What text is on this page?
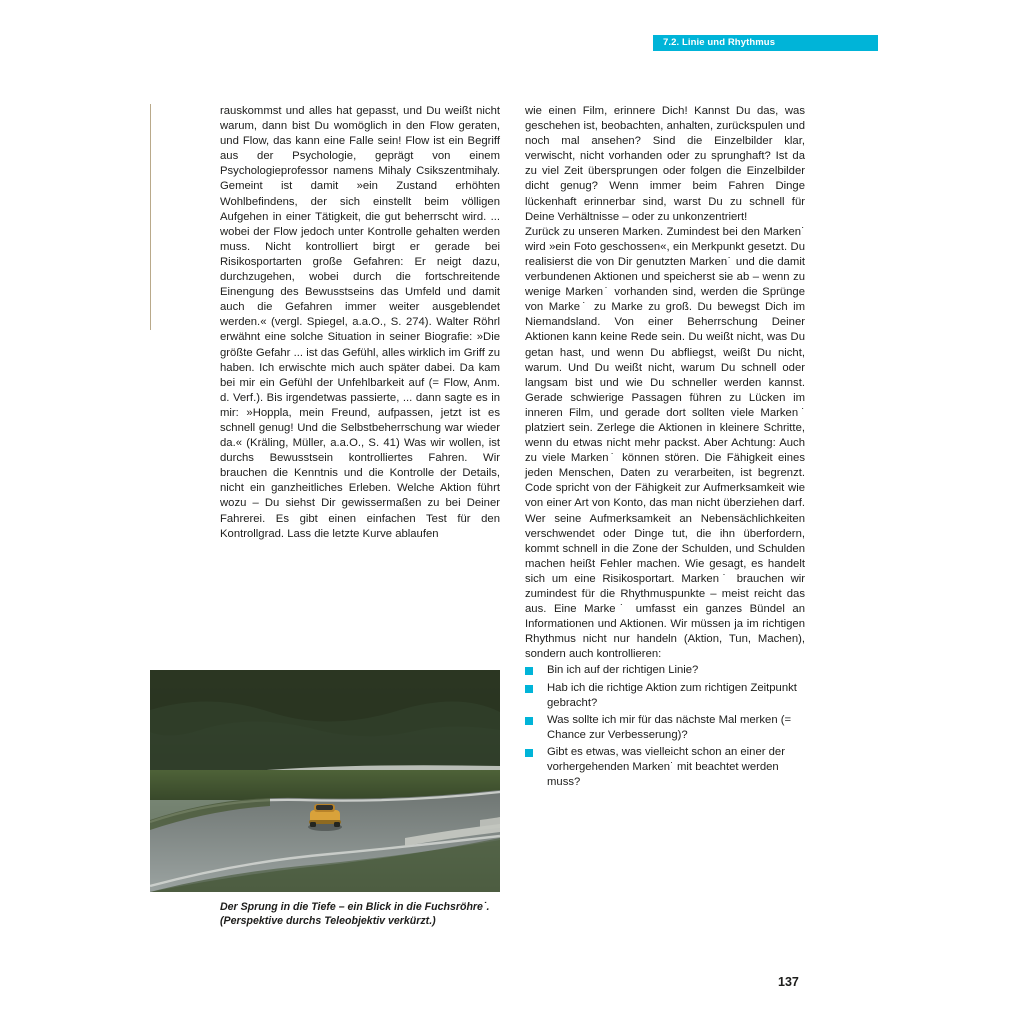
7.2. Linie und Rhythmus

rauskommst und alles hat gepasst, und Du weißt nicht warum, dann bist Du womöglich in den Flow geraten, und Flow, das kann eine Falle sein! Flow ist ein Begriff aus der Psychologie, geprägt von einem Psychologieprofessor namens Mihaly Csikszentmihaly. Gemeint ist damit »ein Zustand erhöhten Wohlbefindens, der sich einstellt beim völligen Aufgehen in einer Tätigkeit, die gut beherrscht wird. ... wobei der Flow jedoch unter Kontrolle gehalten werden muss. Nicht kontrolliert birgt er gerade bei Risikosportarten große Gefahren: Er neigt dazu, durchzugehen, wobei durch die fortschreitende Einengung des Bewusstseins das Umfeld und damit auch die Gefahren immer weiter ausgeblendet werden.« (vergl. Spiegel, a.a.O., S. 274). Walter Röhrl erwähnt eine solche Situation in seiner Biografie: »Die größte Gefahr ... ist das Gefühl, alles wirklich im Griff zu haben. Ich erwischte mich auch später dabei. Da kam bei mir ein Gefühl der Unfehlbarkeit auf (= Flow, Anm. d. Verf.). Bis irgendetwas passierte, ... dann sagte es in mir: »Hoppla, mein Freund, aufpassen, jetzt ist es schnell genug! Und die Selbstbeherrschung war wieder da.« (Kräling, Müller, a.a.O., S. 41) Was wir wollen, ist durchs Bewusstsein kontrolliertes Fahren. Wir brauchen die Kenntnis und die Kontrolle der Details, nicht ein ganzheitliches Erleben. Welche Aktion führt wozu – Du siehst Dir gewissermaßen zu bei Deiner Fahrerei. Es gibt einen einfachen Test für den Kontrollgrad. Lass die letzte Kurve ablaufen

Der Sprung in die Tiefe – ein Blick in die Fuchsröhre˙. (Perspektive durchs Teleobjektiv verkürzt.)

wie einen Film, erinnere Dich! Kannst Du das, was geschehen ist, beobachten, anhalten, zurückspulen und noch mal ansehen? Sind die Einzelbilder klar, verwischt, nicht vorhanden oder zu sprunghaft? Ist da zu viel Zeit übersprungen oder folgen die Einzelbilder dicht genug? Wenn immer beim Fahren Dinge lückenhaft erinnerbar sind, warst Du zu schnell für Deine Verhältnisse – oder zu unkonzentriert!

Zurück zu unseren Marken. Zumindest bei den Marken˙ wird »ein Foto geschossen«, ein Merkpunkt gesetzt. Du realisierst die von Dir genutzten Marken˙ und die damit verbundenen Aktionen und speicherst sie ab – wenn zu wenige Marken˙ vorhanden sind, werden die Sprünge von Marke˙ zu Marke zu groß. Du bewegst Dich im Niemandsland. Von einer Beherrschung Deiner Aktionen kann keine Rede sein. Du weißt nicht, was Du getan hast, und wenn Du abfliegst, weißt Du nicht, warum. Und Du weißt nicht, warum Du schnell oder langsam bist und wie Du schneller werden kannst. Gerade schwierige Passagen führen zu Lücken im inneren Film, und gerade dort sollten viele Marken˙ platziert sein. Zerlege die Aktionen in kleinere Schritte, wenn du etwas nicht mehr packst. Aber Achtung: Auch zu viele Marken˙ können stören. Die Fähigkeit eines jeden Menschen, Daten zu verarbeiten, ist begrenzt. Code spricht von der Fähigkeit zur Aufmerksamkeit wie von einer Art von Konto, das man nicht überziehen darf. Wer seine Aufmerksamkeit an Nebensächlichkeiten verschwendet oder Dinge tut, die ihn überfordern, kommt schnell in die Zone der Schulden, und Schulden machen heißt Fehler machen. Wie gesagt, es handelt sich um eine Risikosportart. Marken˙ brauchen wir zumindest für die Rhythmuspunkte – meist reicht das aus. Eine Marke˙ umfasst ein ganzes Bündel an Informationen und Aktionen. Wir müssen ja im richtigen Rhythmus nicht nur handeln (Aktion, Tun, Machen), sondern auch kontrollieren:

Bin ich auf der richtigen Linie?
Hab ich die richtige Aktion zum richtigen Zeitpunkt gebracht?
Was sollte ich mir für das nächste Mal merken (= Chance zur Verbesserung)?
Gibt es etwas, was vielleicht schon an einer der vorhergehenden Marken˙ mit beachtet werden muss?
137
